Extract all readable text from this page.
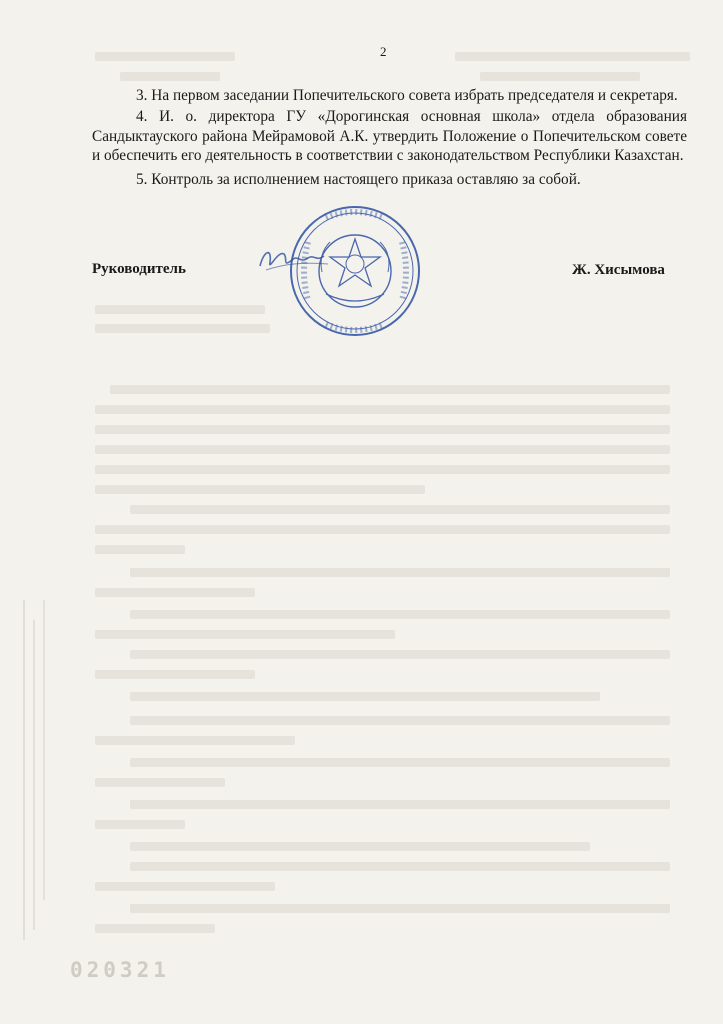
2

3. На первом заседании Попечительского совета избрать председателя и секретаря.

4. И. о. директора ГУ «Дорогинская основная школа» отдела образования Сандыктауского района Мейрамовой А.К. утвердить Положение о Попечительском совете и обеспечить его деятельность в соответствии с законодательством Республики Казахстан.

5. Контроль за исполнением настоящего приказа оставляю за собой.

Руководитель	Ж. Хисымова
020321
